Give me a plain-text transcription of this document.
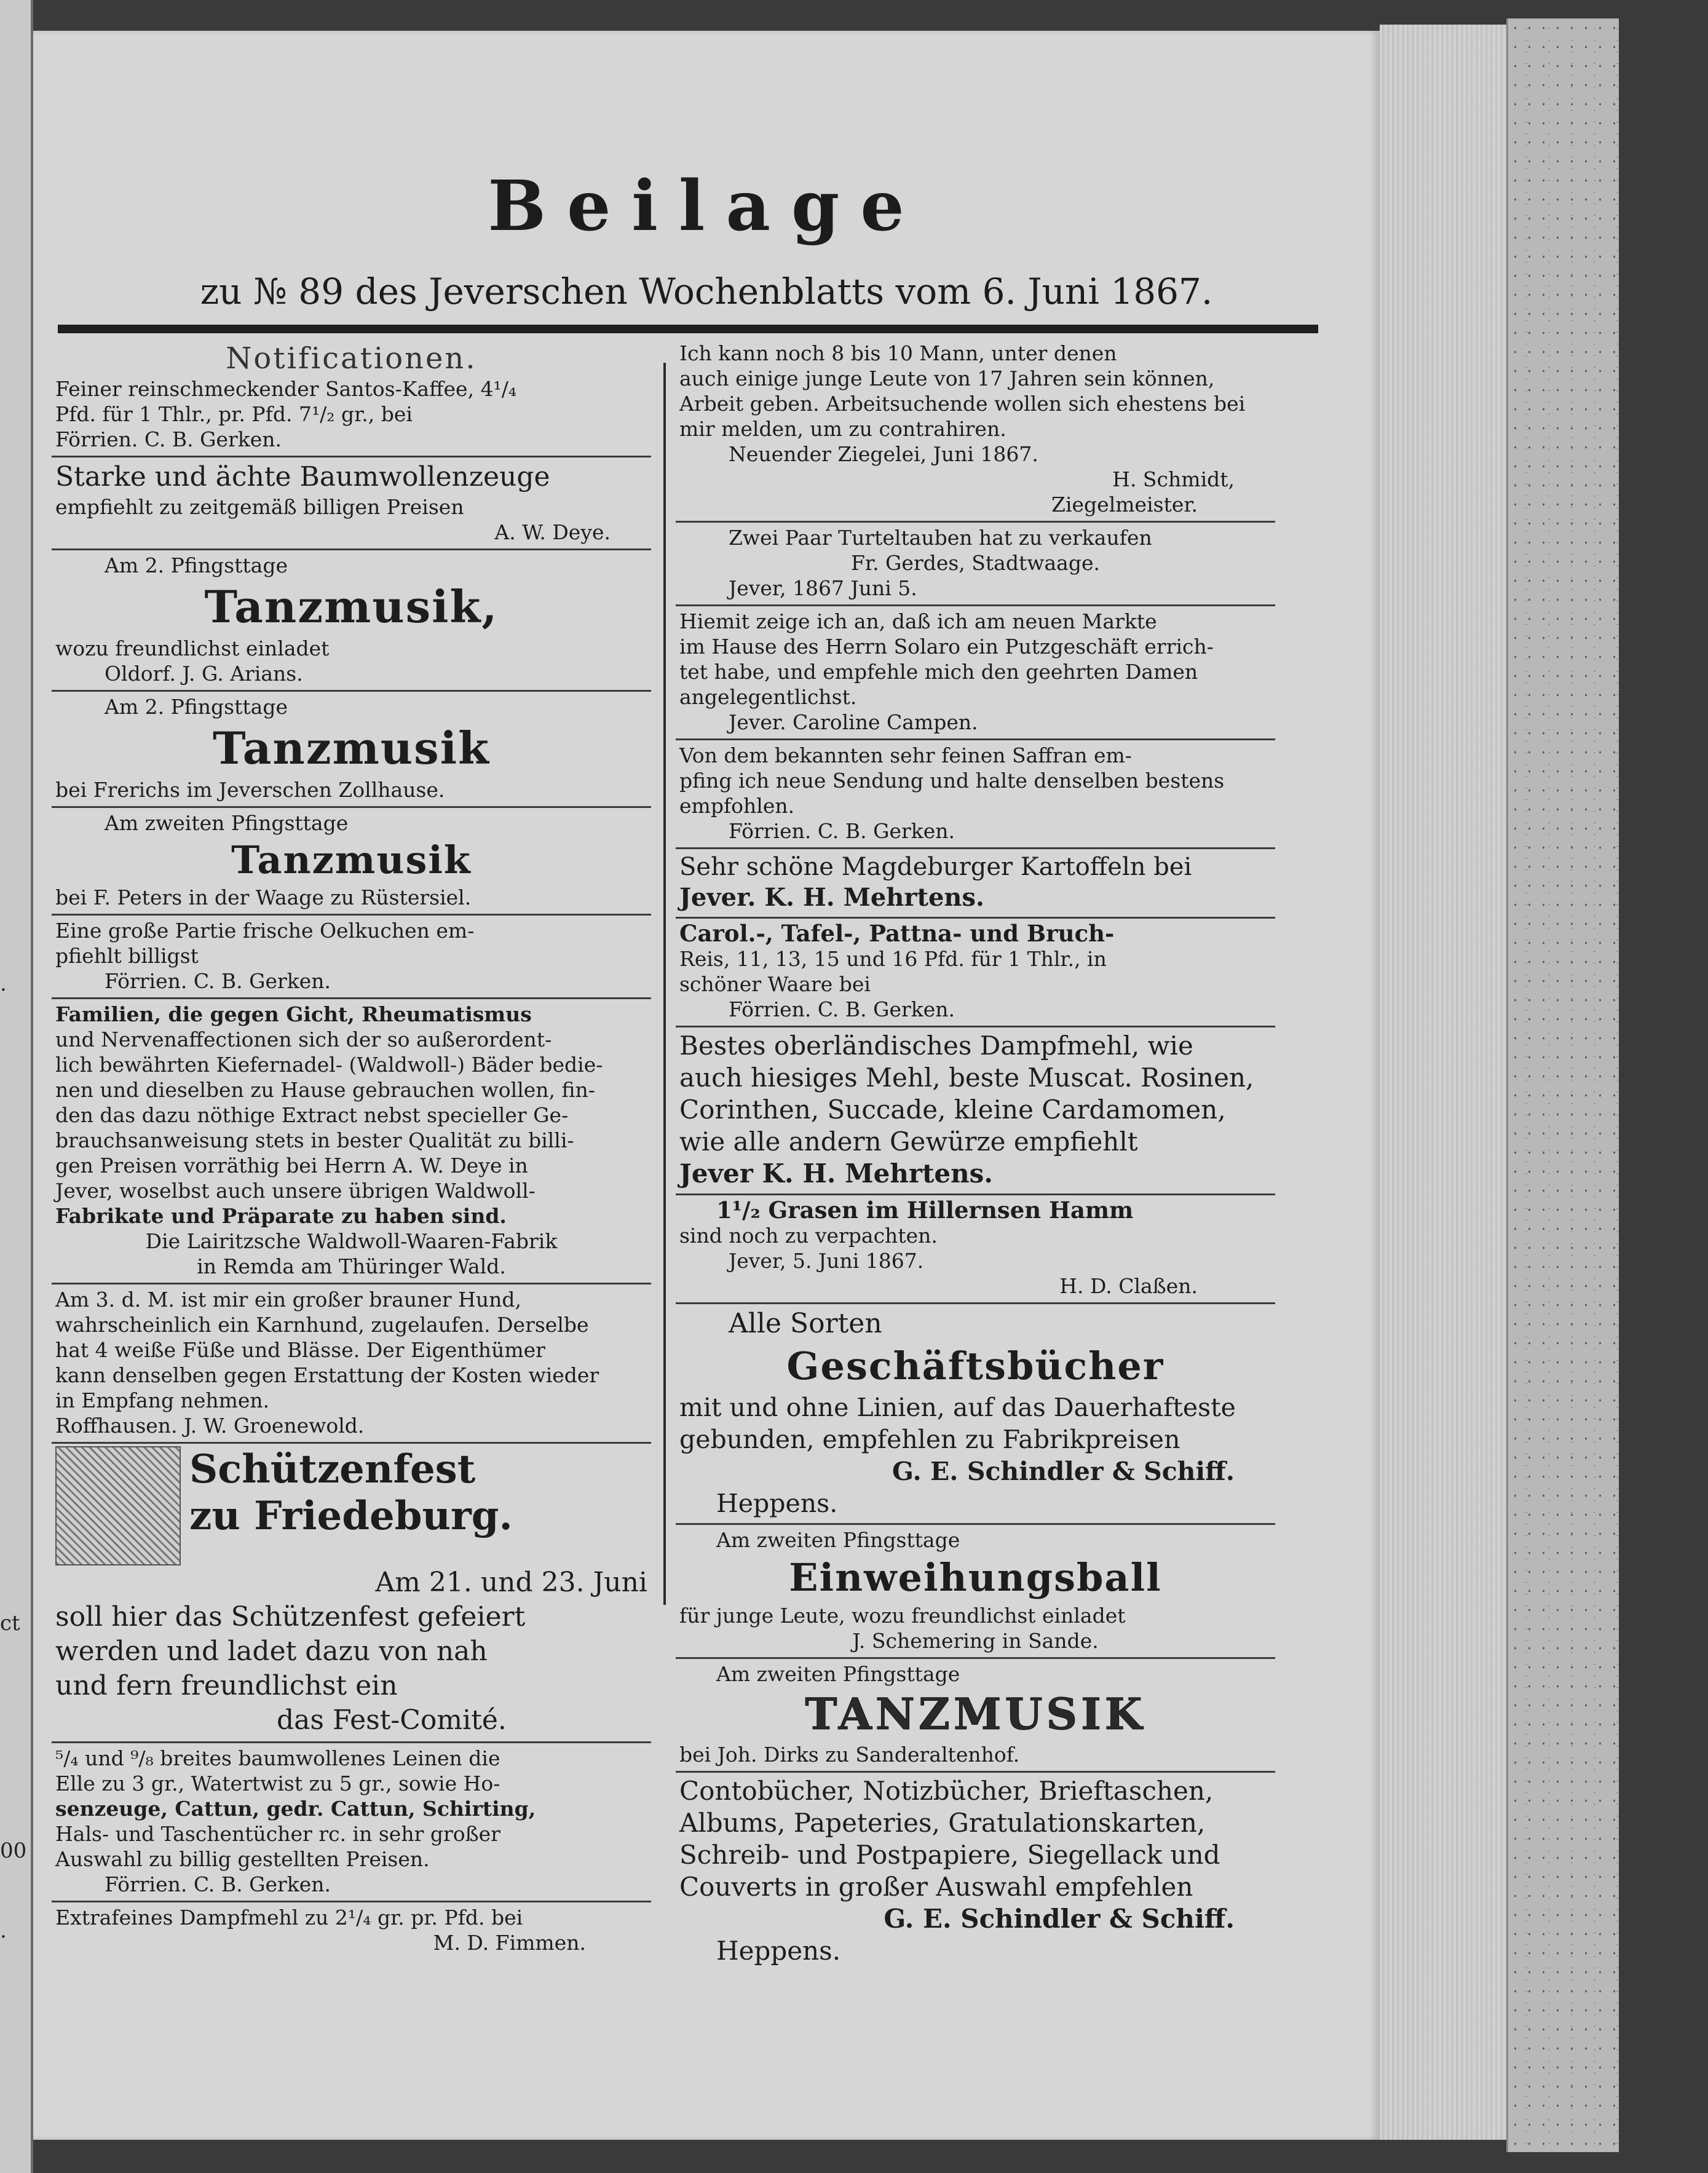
.
ct
00
.
Beilage
zu № 89 des Jeverschen Wochenblatts vom 6. Juni 1867.

Notificationen.

Feiner reinschmeckender Santos-Kaffee, 4¹/₄

Pfd. für 1 Thlr., pr. Pfd. 7¹/₂ gr., bei

Förrien. C. B. Gerken.

Starke und ächte Baumwollenzeuge

empfiehlt zu zeitgemäß billigen Preisen

A. W. Deye.

Am 2. Pfingsttage

Tanzmusik,

wozu freundlichst einladet

Oldorf. J. G. Arians.

Am 2. Pfingsttage

Tanzmusik

bei Frerichs im Jeverschen Zollhause.

Am zweiten Pfingsttage

Tanzmusik

bei F. Peters in der Waage zu Rüstersiel.

Eine große Partie frische Oelkuchen em-

pfiehlt billigst

Förrien. C. B. Gerken.

Familien, die gegen Gicht, Rheumatismus

und Nervenaffectionen sich der so außerordent-

lich bewährten Kiefernadel- (Waldwoll-) Bäder bedie-

nen und dieselben zu Hause gebrauchen wollen, fin-

den das dazu nöthige Extract nebst specieller Ge-

brauchsanweisung stets in bester Qualität zu billi-

gen Preisen vorräthig bei Herrn A. W. Deye in

Jever, woselbst auch unsere übrigen Waldwoll-

Fabrikate und Präparate zu haben sind.

Die Lairitzsche Waldwoll-Waaren-Fabrik

in Remda am Thüringer Wald.

Am 3. d. M. ist mir ein großer brauner Hund,

wahrscheinlich ein Karnhund, zugelaufen. Derselbe

hat 4 weiße Füße und Blässe. Der Eigenthümer

kann denselben gegen Erstattung der Kosten wieder

in Empfang nehmen.

Roffhausen. J. W. Groenewold.

Schützenfest

zu Friedeburg.

Am 21. und 23. Juni

soll hier das Schützenfest gefeiert

werden und ladet dazu von nah

und fern freundlichst ein

das Fest-Comité.

⁵/₄ und ⁹/₈ breites baumwollenes Leinen die

Elle zu 3 gr., Watertwist zu 5 gr., sowie Ho-

senzeuge, Cattun, gedr. Cattun, Schirting,

Hals- und Taschentücher rc. in sehr großer

Auswahl zu billig gestellten Preisen.

Förrien. C. B. Gerken.

Extrafeines Dampfmehl zu 2¹/₄ gr. pr. Pfd. bei

M. D. Fimmen.

Ich kann noch 8 bis 10 Mann, unter denen

auch einige junge Leute von 17 Jahren sein können,

Arbeit geben. Arbeitsuchende wollen sich ehestens bei

mir melden, um zu contrahiren.

Neuender Ziegelei, Juni 1867.

H. Schmidt,

Ziegelmeister.

Zwei Paar Turteltauben hat zu verkaufen

Fr. Gerdes, Stadtwaage.

Jever, 1867 Juni 5.

Hiemit zeige ich an, daß ich am neuen Markte

im Hause des Herrn Solaro ein Putzgeschäft errich-

tet habe, und empfehle mich den geehrten Damen

angelegentlichst.

Jever. Caroline Campen.

Von dem bekannten sehr feinen Saffran em-

pfing ich neue Sendung und halte denselben bestens

empfohlen.

Förrien. C. B. Gerken.

Sehr schöne Magdeburger Kartoffeln bei

Jever. K. H. Mehrtens.

Carol.-, Tafel-, Pattna- und Bruch-

Reis, 11, 13, 15 und 16 Pfd. für 1 Thlr., in

schöner Waare bei

Förrien. C. B. Gerken.

Bestes oberländisches Dampfmehl, wie

auch hiesiges Mehl, beste Muscat. Rosinen,

Corinthen, Succade, kleine Cardamomen,

wie alle andern Gewürze empfiehlt

Jever K. H. Mehrtens.

1¹/₂ Grasen im Hillernsen Hamm

sind noch zu verpachten.

Jever, 5. Juni 1867.

H. D. Claßen.

Alle Sorten

Geschäftsbücher

mit und ohne Linien, auf das Dauerhafteste

gebunden, empfehlen zu Fabrikpreisen

G. E. Schindler & Schiff.

Heppens.

Am zweiten Pfingsttage

Einweihungsball

für junge Leute, wozu freundlichst einladet

J. Schemering in Sande.

Am zweiten Pfingsttage

TANZMUSIK

bei Joh. Dirks zu Sanderaltenhof.

Contobücher, Notizbücher, Brieftaschen,

Albums, Papeteries, Gratulationskarten,

Schreib- und Postpapiere, Siegellack und

Couverts in großer Auswahl empfehlen

G. E. Schindler & Schiff.

Heppens.
